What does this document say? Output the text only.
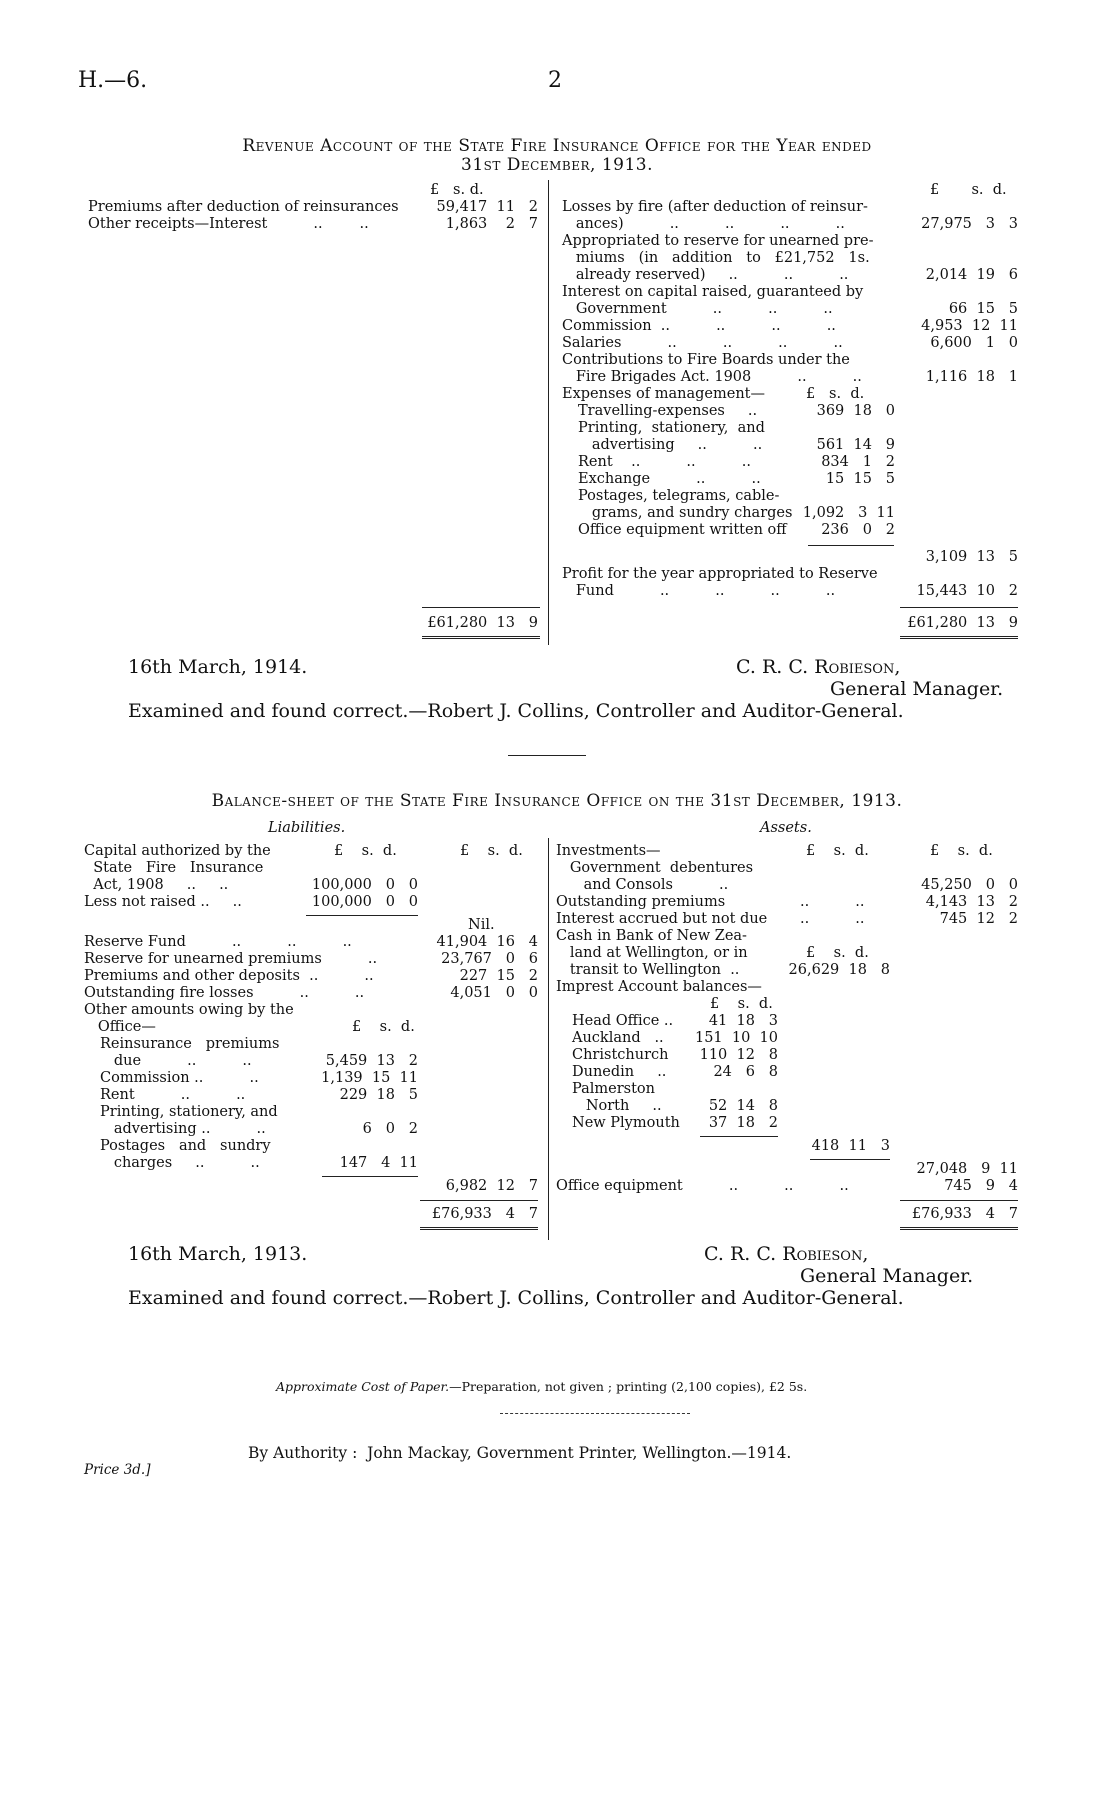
H.—6.	2
Revenue Account of the State Fire Insurance Office for the Year ended
31st December, 1913.
£   s. d.
Premiums after deduction of reinsurances	59,417  11   2
Other receipts—Interest          ..        ..	1,863    2   7
£       s.  d.
Losses by fire (after deduction of reinsur-
ances)          ..          ..          ..          ..	27,975   3   3
Appropriated to reserve for unearned pre-
miums   (in   addition   to   £21,752   1s.
already reserved)     ..          ..          ..	2,014  19   6
Interest on capital raised, guaranteed by
Government          ..          ..          ..	66  15   5
Commission  ..          ..          ..          ..	4,953  12  11
Salaries          ..          ..          ..          ..	6,600   1   0
Contributions to Fire Boards under the
Fire Brigades Act. 1908          ..          ..	1,116  18   1
Expenses of management—	£   s.  d.
Travelling-expenses     ..	369  18   0
Printing,  stationery,  and
advertising     ..          ..	561  14   9
Rent    ..          ..          ..	834   1   2
Exchange          ..          ..	15  15   5
Postages, telegrams, cable-
grams, and sundry charges 1,092   3  11
Office equipment written off	236   0   2
3,109  13   5
Profit for the year appropriated to Reserve
Fund          ..          ..          ..          ..	15,443  10   2
£61,280  13   9	£61,280  13   9
16th March, 1914.	C. R. C. Robieson,
General Manager.
Examined and found correct.—Robert J. Collins, Controller and Auditor-General.
Balance-sheet of the State Fire Insurance Office on the 31st December, 1913.
Liabilities.	Assets.
£    s.  d.	£    s.  d.
Capital authorized by the
State   Fire   Insurance
Act, 1908     ..     ..	100,000   0   0
Less not raised ..     ..	100,000   0   0
Nil.
Reserve Fund          ..          ..          ..	41,904  16   4
Reserve for unearned premiums          ..	23,767   0   6
Premiums and other deposits  ..          ..	227  15   2
Outstanding fire losses          ..          ..	4,051   0   0
Other amounts owing by the
Office—	£    s.  d.
Reinsurance   premiums
due          ..          ..	5,459  13   2
Commission ..          ..	1,139  15  11
Rent          ..          ..	229  18   5
Printing, stationery, and
advertising ..          ..	6   0   2
Postages   and   sundry
charges     ..          ..	147   4  11
6,982  12   7
£76,933   4   7
£    s.  d.	£    s.  d.
Investments—
Government  debentures
and Consols          ..	45,250   0   0
Outstanding premiums	..          ..	4,143  13   2
Interest accrued but not due ..          ..	745  12   2
Cash in Bank of New Zea-
land at Wellington, or in	£    s.  d.
transit to Wellington  ..	26,629  18   8
Imprest Account balances—
£    s.  d.
Head Office ..	41  18   3
Auckland   ..	151  10  10
Christchurch	110  12   8
Dunedin     ..	24   6   8
Palmerston
North     ..	52  14   8
New Plymouth	37  18   2
418  11   3
27,048   9  11
Office equipment          ..          ..          ..	745   9   4
£76,933   4   7
16th March, 1913.	C. R. C. Robieson,
General Manager.
Examined and found correct.—Robert J. Collins, Controller and Auditor-General.

Approximate Cost of Paper.—Preparation, not given ; printing (2,100 copies), £2 5s.

By Authority :  John Mackay, Government Printer, Wellington.—1914.
Price 3d.]
